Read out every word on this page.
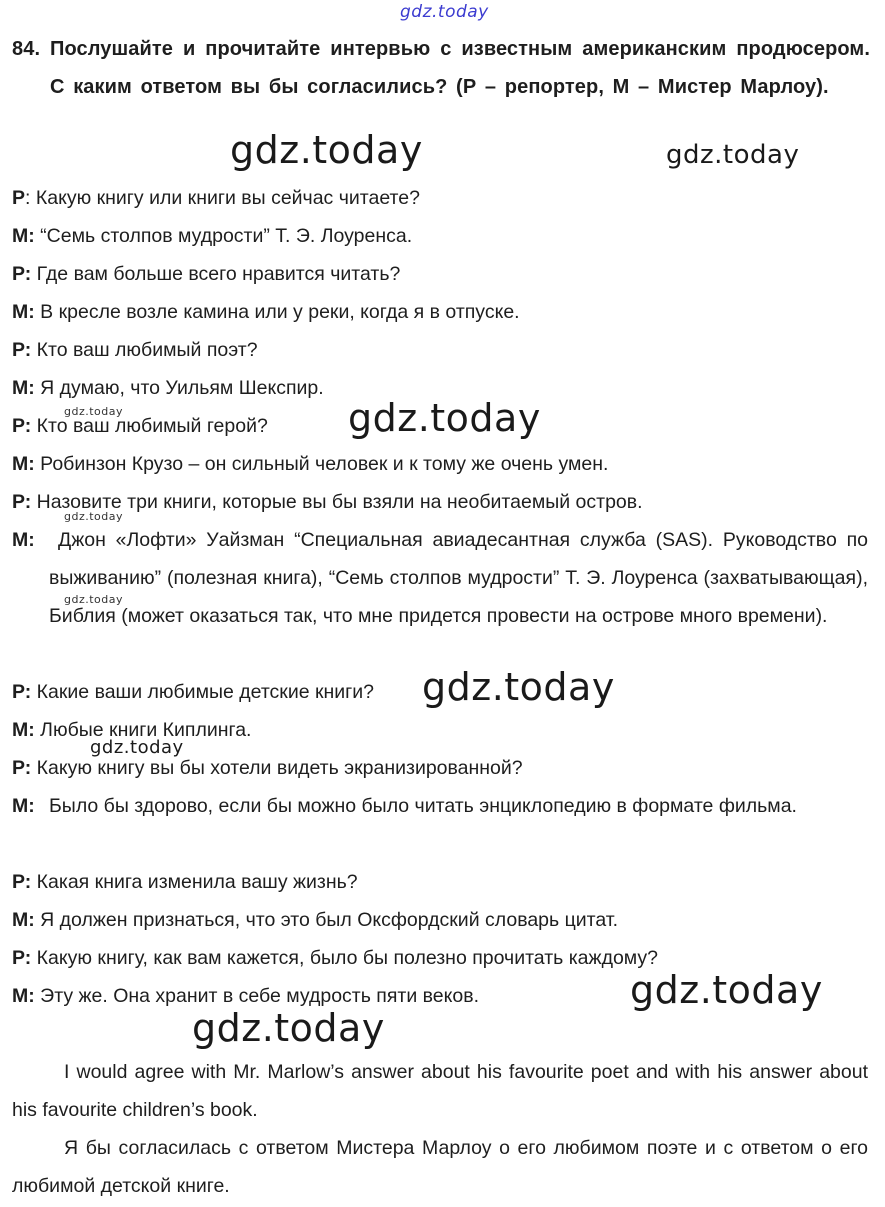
gdz.today
84. Послушайте и прочитайте интервью с известным американским продюсером. С каким ответом вы бы согласились? (Р – репортер, М – Мистер Марлоу).
Р: Какую книгу или книги вы сейчас читаете?
М: “Семь столпов мудрости” Т. Э. Лоуренса.
Р: Где вам больше всего нравится читать?
М: В кресле возле камина или у реки, когда я в отпуске.
Р: Кто ваш любимый поэт?
М: Я думаю, что Уильям Шекспир.
Р: Кто ваш любимый герой?
М: Робинзон Крузо – он сильный человек и к тому же очень умен.
Р: Назовите три книги, которые вы бы взяли на необитаемый остров.
М:	Джон «Лофти» Уайзман “Специальная авиадесантная служба (SAS). Руководство по выживанию” (полезная книга), “Семь столпов мудрости” Т. Э. Лоуренса (захватывающая), Библия (может оказаться так, что мне придется провести на острове много времени).
Р: Какие ваши любимые детские книги?
М: Любые книги Киплинга.
Р: Какую книгу вы бы хотели видеть экранизированной?
М: Было бы здорово, если бы можно было читать энциклопедию в формате фильма.
Р: Какая книга изменила вашу жизнь?
М: Я должен признаться, что это был Оксфордский словарь цитат.
Р: Какую книгу, как вам кажется, было бы полезно прочитать каждому?
М: Эту же. Она хранит в себе мудрость пяти веков.
I would agree with Mr. Marlow’s answer about his favourite poet and with his answer about his favourite children’s book.
Я бы согласилась с ответом Мистера Марлоу о его любимом поэте и с ответом о его любимой детской книге.
gdz.today	gdz.today
gdz.today
gdz.today
gdz.today
gdz.today
gdz.today
gdz.today
gdz.today
gdz.today
